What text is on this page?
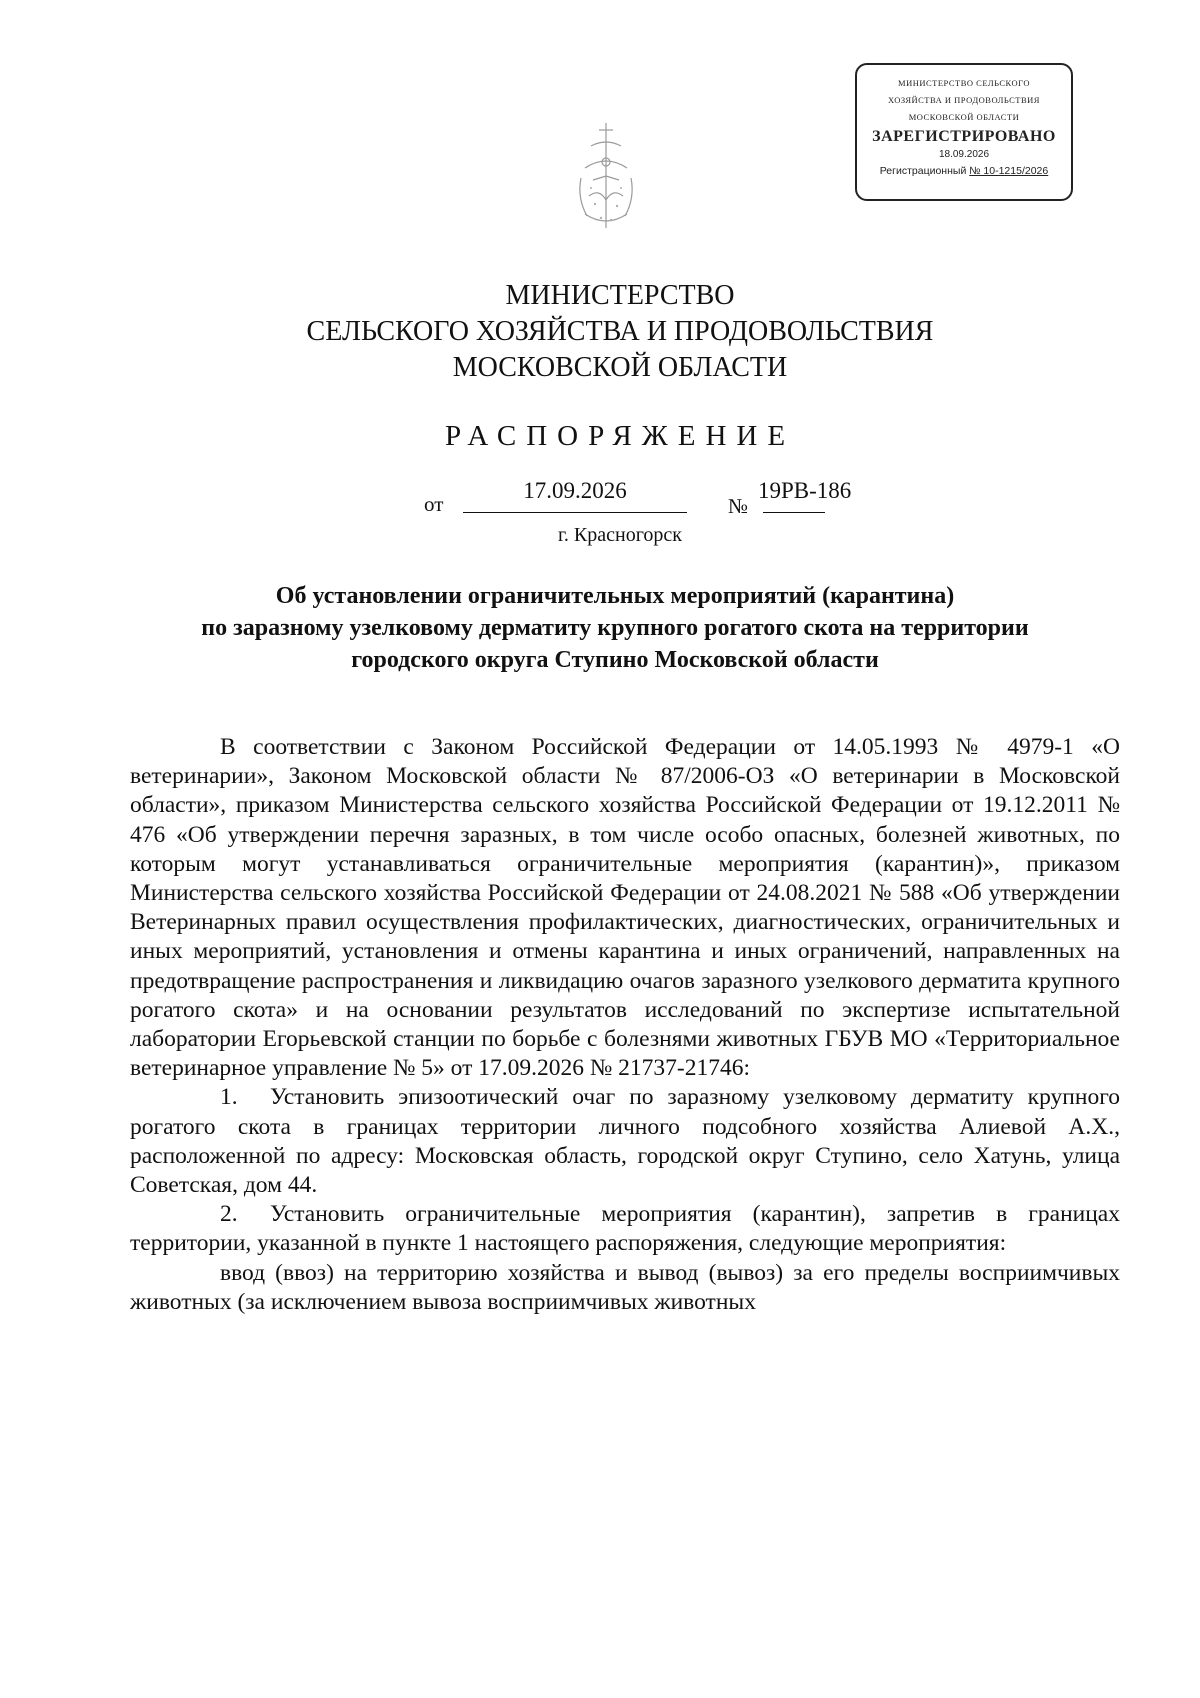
МИНИСТЕРСТВО СЕЛЬСКОГО
ХОЗЯЙСТВА И ПРОДОВОЛЬСТВИЯ
МОСКОВСКОЙ ОБЛАСТИ
ЗАРЕГИСТРИРОВАНО
18.09.2026
Регистрационный № 10-1215/2026
МИНИСТЕРСТВО
СЕЛЬСКОГО ХОЗЯЙСТВА И ПРОДОВОЛЬСТВИЯ
МОСКОВСКОЙ ОБЛАСТИ
РАСПОРЯЖЕНИЕ
от
17.09.2026
№
19РВ-186
г. Красногорск
Об установлении ограничительных мероприятий (карантина)
по заразному узелковому дерматиту крупного рогатого скота на территории
городского округа Ступино Московской области

В соответствии с Законом Российской Федерации от 14.05.1993 № 4979-1 «О ветеринарии», Законом Московской области № 87/2006-ОЗ «О ветеринарии в Московской области», приказом Министерства сельского хозяйства Российской Федерации от 19.12.2011 № 476 «Об утверждении перечня заразных, в том числе особо опасных, болезней животных, по которым могут устанавливаться ограничительные мероприятия (карантин)», приказом Министерства сельского хозяйства Российской Федерации от 24.08.2021 № 588 «Об утверждении Ветеринарных правил осуществления профилактических, диагностических, ограничительных и иных мероприятий, установления и отмены карантина и иных ограничений, направленных на предотвращение распространения и ликвидацию очагов заразного узелкового дерматита крупного рогатого скота» и на основании результатов исследований по экспертизе испытательной лаборатории Егорьевской станции по борьбе с болезнями животных ГБУВ МО «Территориальное ветеринарное управление № 5» от 17.09.2026 № 21737-21746:

1. Установить эпизоотический очаг по заразному узелковому дерматиту крупного рогатого скота в границах территории личного подсобного хозяйства Алиевой А.Х., расположенной по адресу: Московская область, городской округ Ступино, село Хатунь, улица Советская, дом 44.

2. Установить ограничительные мероприятия (карантин), запретив в границах территории, указанной в пункте 1 настоящего распоряжения, следующие мероприятия:

ввод (ввоз) на территорию хозяйства и вывод (вывоз) за его пределы восприимчивых животных (за исключением вывоза восприимчивых животных
